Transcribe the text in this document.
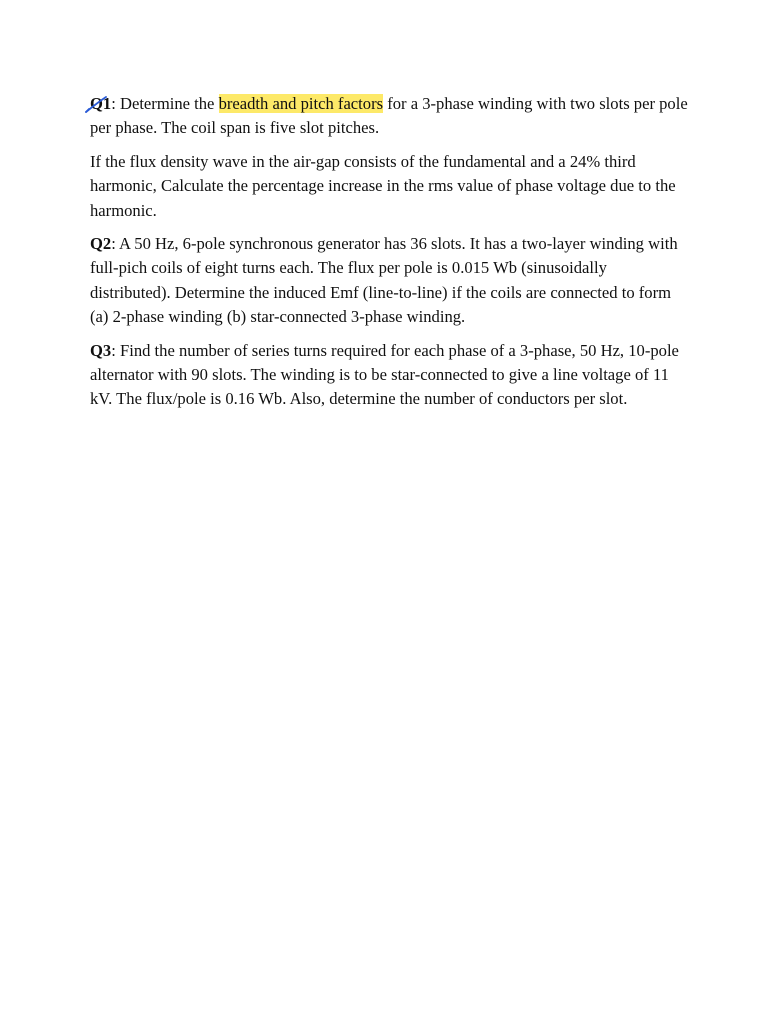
Q1
: Determine the breadth and pitch factors for a 3-phase winding with two slots per pole per phase. The coil span is five slot pitches.

If the flux density wave in the air-gap consists of the fundamental and a 24% third harmonic, Calculate the percentage increase in the rms value of phase voltage due to the harmonic.

Q2: A 50 Hz, 6-pole synchronous generator has 36 slots. It has a two-layer winding with full-pich coils of eight turns each. The flux per pole is 0.015 Wb (sinusoidally distributed). Determine the induced Emf (line-to-line) if the coils are connected to form (a) 2-phase winding (b) star-connected 3-phase winding.

Q3: Find the number of series turns required for each phase of a 3-phase, 50 Hz, 10-pole alternator with 90 slots. The winding is to be star-connected to give a line voltage of 11 kV. The flux/pole is 0.16 Wb. Also, determine the number of conductors per slot.
